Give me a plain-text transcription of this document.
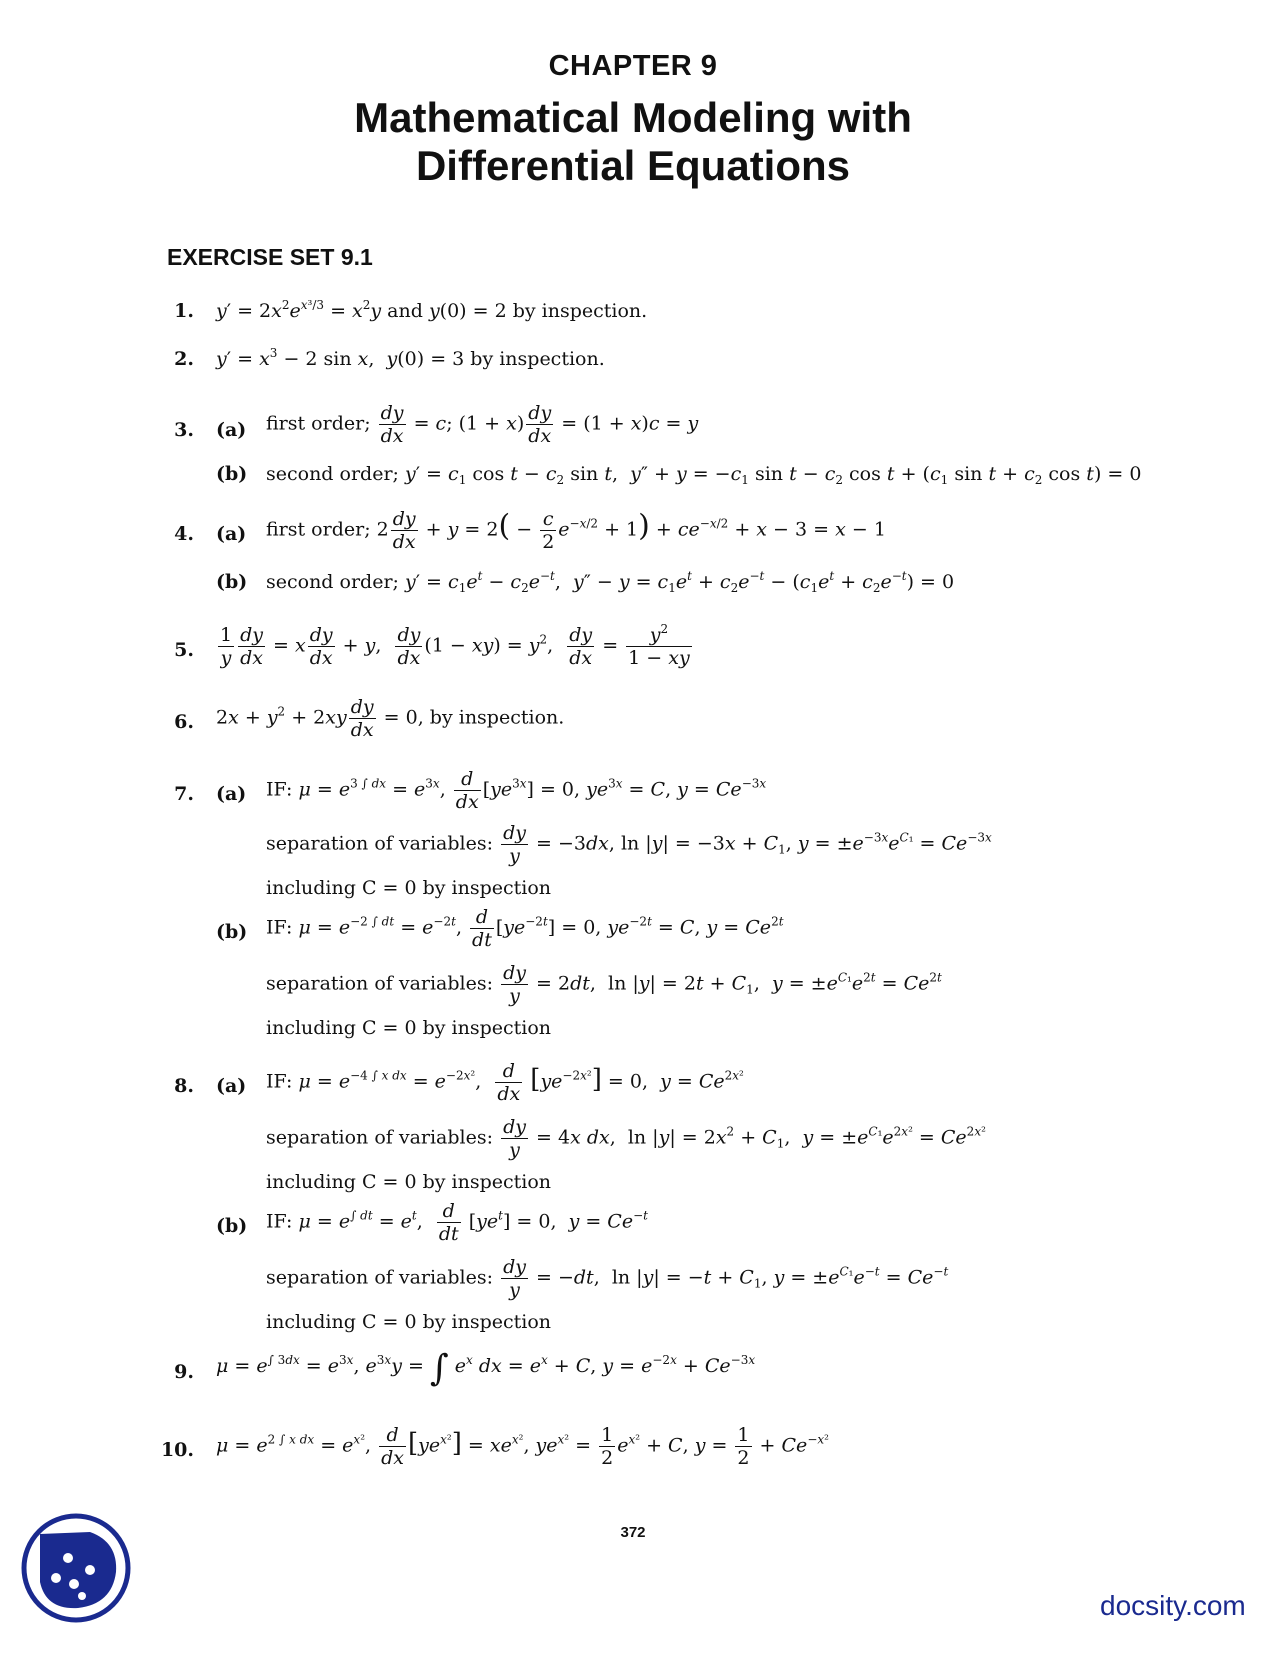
CHAPTER 9
Mathematical Modeling with Differential Equations
EXERCISE SET 9.1
1. $y' = 2x^2e^{x^3/3} = x^2y$ and y(0) = 2 by inspection.
2. $y' = x^3 - 2$ sin x,  y(0) = 3 by inspection.
3. (a) first order; $\frac{dy}{dx} = c$; $(1 + x) \frac{dy}{dx} = (1 + x)c = y$
(b) second order; $y' = c_1$ $\cos t - c_2$ sin t,  $y'' + y = -c_1$ $\sin t - c_2$ $\cos t + (c_1$ $\sin t + c_2$ cos t) = 0
4. (a) first order; $2 \frac{dy}{dx} + y = 2( - \frac{c}{2} e^{-x/2} + 1) + ce^{-x/2} + x - 3 = x - 1$
(b) second order; $y' = c_1e^t - c_2e^{-t}$,  $y'' - y = c_1e^t + c_2e^{-t} - (c_1e^t + c_2e^{-t}) = 0$
5. $\frac{1}{y} \frac{dy}{dx} = x \frac{dy}{dx} + y$, $\frac{dy}{dx} (1 - xy) = y^2$, $\frac{dy}{dx} = \frac{y^2}{1 - xy}$
6. $2x + y^2 + 2xy \frac{dy}{dx} = 0$, by inspection.
7. (a) IF: $\mu = e^{3 \int dx} = e^{3x}$, $\frac{d}{dx} [ye^{3x}] = 0$, $ye^{3x} = C$, $y = Ce^{-3x}$
separation of variables: $\frac{dy}{y} = -3dx$, $\ln |y| = -3x + C_1$, $y = \pm e^{-3x}e^{C_1} = Ce^{-3x}$
including C = 0 by inspection
(b) IF: $\mu = e^{-2 \int dt} = e^{-2t}$, $\frac{d}{dt} [ye^{-2t}] = 0$, $ye^{-2t} = C$, $y = Ce^{2t}$
separation of variables: $\frac{dy}{y} = 2dt$,  $\ln |y| = 2t + C_1$,  $y = \pm e^{C_1}e^{2t} = Ce^{2t}$
including C = 0 by inspection
8. (a) IF: $\mu = e^{-4 \int x dx} = e^{-2x^2}$, $\frac{d}{dx} [ye^{-2x^2}] = 0$,  $y = Ce^{2x^2}$
separation of variables: $\frac{dy}{y} = 4x$ dx,  $\ln |y| = 2x^2 + C_1$,  $y = \pm e^{C_1}e^{2x^2} = Ce^{2x^2}$
including C = 0 by inspection
(b) IF: $\mu = e^{\int dt} = e^t$, $\frac{d}{dt} [ye^t] = 0$,  $y = Ce^{-t}$
separation of variables: $\frac{dy}{y} = -dt$,  $\ln |y| = -t + C_1$, $y = \pm e^{C_1}e^{-t} = Ce^{-t}$
including C = 0 by inspection
9. $\mu = e^{\int 3dx} = e^{3x}$, $e^{3x}y$ = ∫ $e^x$ dx = $e^x + C$, $y = e^{-2x} + Ce^{-3x}$
10. $\mu = e^{2 \int x dx} = e^{x^2}$, $\frac{d}{dx} [ye^{x^2}] = xe^{x^2}$, $ye^{x^2} = \frac{1}{2} e^{x^2} + C$, $y = \frac{1}{2} + Ce^{-x^2}$
372
docsity.com
